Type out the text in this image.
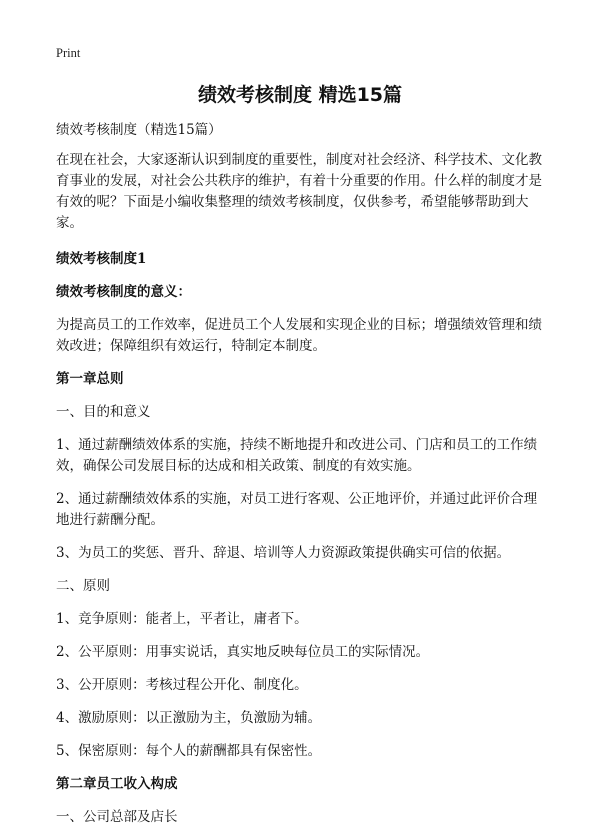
Print
绩效考核制度 精选15篇

绩效考核制度（精选15篇）

在现在社会，大家逐渐认识到制度的重要性，制度对社会经济、科学技术、文化教育事业的发展，对社会公共秩序的维护，有着十分重要的作用。什么样的制度才是有效的呢？下面是小编收集整理的绩效考核制度，仅供参考，希望能够帮助到大家。

绩效考核制度1

绩效考核制度的意义：

为提高员工的工作效率，促进员工个人发展和实现企业的目标；增强绩效管理和绩效改进；保障组织有效运行，特制定本制度。

第一章总则

一、目的和意义

1、通过薪酬绩效体系的实施，持续不断地提升和改进公司、门店和员工的工作绩效，确保公司发展目标的达成和相关政策、制度的有效实施。

2、通过薪酬绩效体系的实施，对员工进行客观、公正地评价，并通过此评价合理地进行薪酬分配。

3、为员工的奖惩、晋升、辞退、培训等人力资源政策提供确实可信的依据。

二、原则

1、竞争原则：能者上，平者让，庸者下。

2、公平原则：用事实说话，真实地反映每位员工的实际情况。

3、公开原则：考核过程公开化、制度化。

4、激励原则：以正激励为主，负激励为辅。

5、保密原则：每个人的薪酬都具有保密性。

第二章员工收入构成

一、公司总部及店长
